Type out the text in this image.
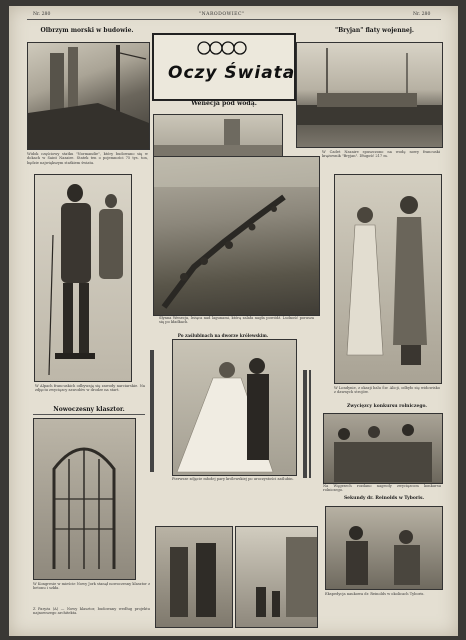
Nr. 280	"NARODOWIEC"	Nr. 280
Oczy Świata
Olbrzym morski w budowie.
Widok częściowy statku "Normandie", który budowano się w dokach w Saint Nazaire. Statek ten o pojemności 75 tys. ton, będzie największym statkiem świata.
"Bryjan" flaty wojennej.
W Cadet Nazaire spuszczono na wodę nowy francuski krążownik "Bryjan". Długość 217 m.
Wenecja pod wodą.
Słynna Wenecja, leżąca nad lagunami, którą zalała nagła powódź. Ludność porusza się po kładkach.
W Alpach francuskich odbywają się zawody narciarskie. Na zdjęciu zwycięzcy zawodów w drodze na start.
W Londynie, z okazji balu Św. Alicji, odbyło się widowisko z dawnych strojów.
Po zaślubinach na dworze królewskim.
Pierwsze zdjęcie młodej pary królewskiej po uroczystości zaślubin.
Nowoczesny klasztor.
W Kongresie w mieście Nowy Jork stanął nowoczesny klasztor z betonu i szkła.
Z Paryża (A) — Nowy klasztor, budowany według projektu najnowszego architekta.
Zwycięzcy konkursu rolniczego.
Na Węgrzech rozdano nagrody zwycięzcom konkursu rolniczego.
Sekundy dr. Reinolds w Tyboris.
Ekspedycja naukowa dr. Reinolds w okolicach Tyboris.
